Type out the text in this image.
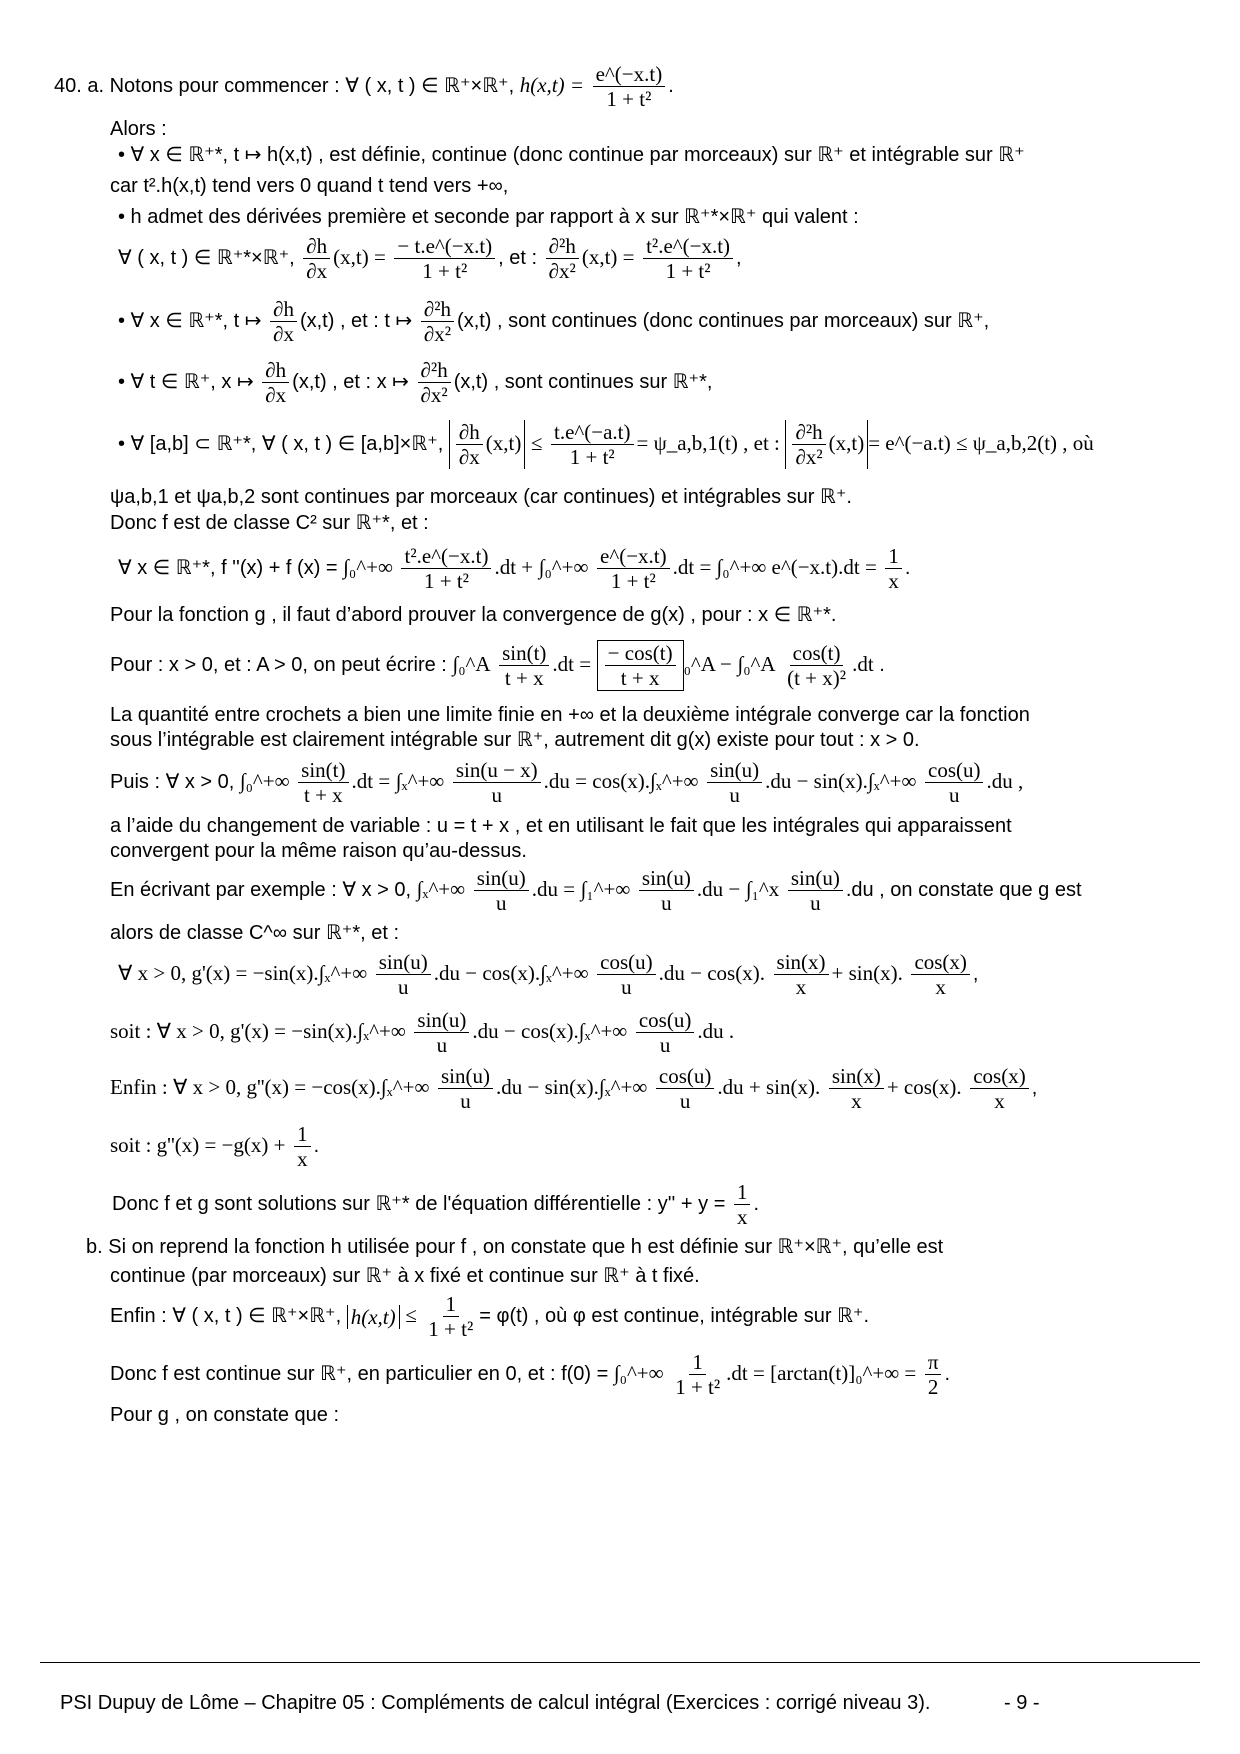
40. a. Notons pour commencer : ∀ ( x, t ) ∈ ℝ⁺×ℝ⁺, $h(x,t) = \frac{e\^{}(-x.t)}{\text{1 + t²}}$ .
Alors :
• ∀ x ∈ ℝ⁺*, t ↦ h(x,t) , est définie, continue (donc continue par morceaux) sur ℝ⁺ et intégrable sur ℝ⁺
car t².h(x,t) tend vers 0 quand t tend vers +∞,
• h admet des dérivées première et seconde par rapport à x sur ℝ⁺*×ℝ⁺ qui valent :
∀ ( x, t ) ∈ ℝ⁺*×ℝ⁺, $\frac{\partial h}{\partial x} (x,t) = \frac{- t.e\^{}(-x.t)}{\text{1 + t²}}$ , et : $\frac{\text{∂²h}}{\text{∂x²}} (x,t) = \frac{\text{t².e\textasciicircum{}(−x.t)}}{\text{1 + t²}}$ ,
• ∀ x ∈ ℝ⁺*, t ↦ $\frac{\partial h}{\partial x} (x,t)$ , et : t ↦ $\frac{\text{∂²h}}{\text{∂x²}} (x,t)$ , sont continues (donc continues par morceaux) sur ℝ⁺,
• ∀ t ∈ ℝ⁺, x ↦ $\frac{\partial h}{\partial x} (x,t)$ , et : x ↦ $\frac{\text{∂²h}}{\text{∂x²}} (x,t)$ , sont continues sur ℝ⁺*,
• ∀ [a,b] ⊂ ℝ⁺*, ∀ ( x, t ) ∈ [a,b]×ℝ⁺, $\frac{\partial h}{\partial x} (x,t) \le \frac{t.e\^{}(-a.t)}{\text{1 + t²}}$ = ψ_a,b,1(t) , et : $\frac{\text{∂²h}}{\text{∂x²}} (x,t)$ = e^(−a.t) ≤ ψ_a,b,2(t) , où
ψa,b,1 et ψa,b,2 sont continues par morceaux (car continues) et intégrables sur ℝ⁺.
Donc f est de classe C² sur ℝ⁺*, et :
∀ x ∈ ℝ⁺*, f ''(x) + f (x) = ∫₀^+∞ $\frac{\text{t².e\textasciicircum{}(−x.t)}}{\text{1 + t²}} .dt$ + ∫₀^+∞ $\frac{e\^{}(-x.t)}{\text{1 + t²}} .dt$ = ∫₀^+∞ e^(−x.t).dt = $\frac{1}{x}$ .
Pour la fonction g , il faut d’abord prouver la convergence de g(x) , pour : x ∈ ℝ⁺*.
Pour : x > 0, et : A > 0, on peut écrire : ∫₀^A $\frac{\sin(t)}{t + x} .dt = \frac{- \cos(t)}{t + x}$ ₀^A − ∫₀^A $\frac{\cos(t)}{\text{(t + x)²}} .dt$ .
La quantité entre crochets a bien une limite finie en +∞ et la deuxième intégrale converge car la fonction
sous l’intégrable est clairement intégrable sur ℝ⁺, autrement dit g(x) existe pour tout : x > 0.
Puis : ∀ x > 0, ∫₀^+∞ $\frac{\sin(t)}{t + x} .dt$ = ∫ₓ^+∞ $\frac{\sin(u - x)}{u} .du$ = cos(x).∫ₓ^+∞ $\frac{\sin(u)}{u} .du$ − sin(x).∫ₓ^+∞ $\frac{\cos(u)}{u} .du$ ,
a l’aide du changement de variable : u = t + x , et en utilisant le fait que les intégrales qui apparaissent
convergent pour la même raison qu’au-dessus.
En écrivant par exemple : ∀ x > 0, ∫ₓ^+∞ $\frac{\sin(u)}{u} .du$ = ∫₁^+∞ $\frac{\sin(u)}{u} .du$ − ∫₁^x $\frac{\sin(u)}{u} .du$ , on constate que g est
alors de classe C^∞ sur ℝ⁺*, et :
∀ x > 0, g'(x) = −sin(x).∫ₓ^+∞ $\frac{\sin(u)}{u} .du$ − cos(x).∫ₓ^+∞ $\frac{\cos(u)}{u} .du - \cos(x)$. $\frac{\sin(x)}{x} + \sin(x)$. $\frac{\cos(x)}{x}$ ,
soit : ∀ x > 0, g'(x) = −sin(x).∫ₓ^+∞ $\frac{\sin(u)}{u} .du$ − cos(x).∫ₓ^+∞ $\frac{\cos(u)}{u} .du$ .
Enfin : ∀ x > 0, g''(x) = −cos(x).∫ₓ^+∞ $\frac{\sin(u)}{u} .du$ − sin(x).∫ₓ^+∞ $\frac{\cos(u)}{u} .du + \sin(x)$. $\frac{\sin(x)}{x} + \cos(x)$. $\frac{\cos(x)}{x}$ ,
soit : $g''(x) = -g(x) + \frac{1}{x}$ .
Donc f et g sont solutions sur ℝ⁺* de l'équation différentielle : $y'' + y = \frac{1}{x}$ .
b. Si on reprend la fonction h utilisée pour f , on constate que h est définie sur ℝ⁺×ℝ⁺, qu’elle est
continue (par morceaux) sur ℝ⁺ à x fixé et continue sur ℝ⁺ à t fixé.
Enfin : ∀ ( x, t ) ∈ ℝ⁺×ℝ⁺, $h(x,t) \le \frac{1}{\text{1 + t²}} = \varphi(t)$ , où φ est continue, intégrable sur ℝ⁺.
Donc f est continue sur ℝ⁺, en particulier en 0, et : f(0) = ∫₀^+∞ $\frac{1}{\text{1 + t²}} .dt$ = [arctan(t)]₀^+∞ = $\frac{\pi}{2}$ .
Pour g , on constate que :
PSI Dupuy de Lôme – Chapitre 05 : Compléments de calcul intégral (Exercices : corrigé niveau 3).	- 9 -
